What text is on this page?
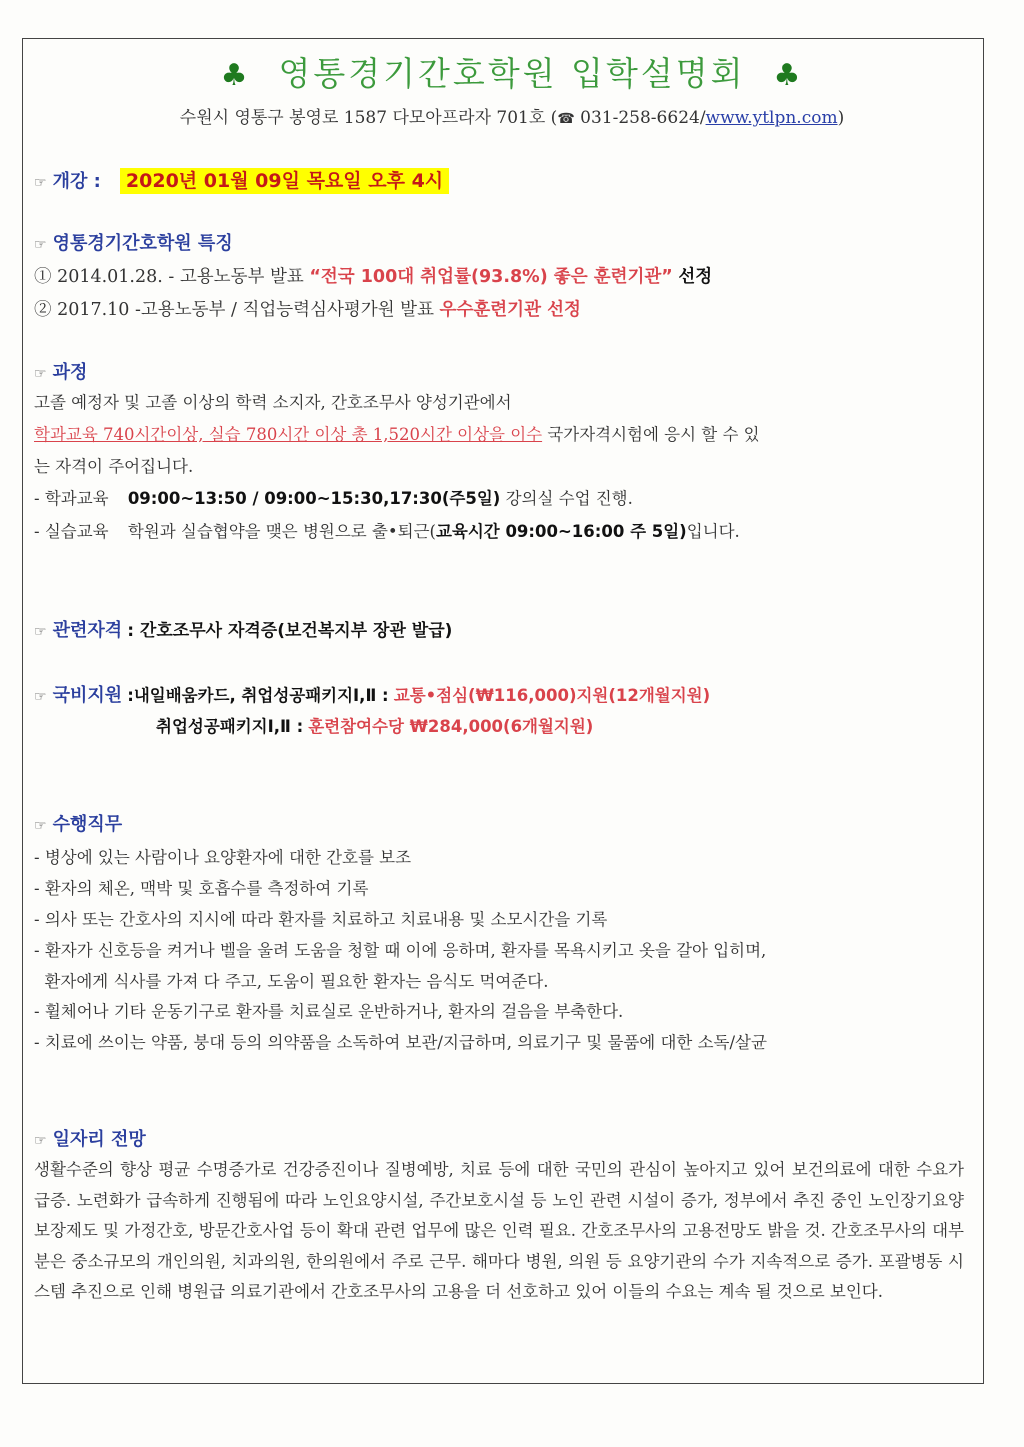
♣ 영통경기간호학원 입학설명회 ♣
수원시 영통구 봉영로 1587 다모아프라자 701호 (☎ 031-258-6624/www.ytlpn.com)
☞ 개강 : 2020년 01월 09일 목요일 오후 4시
☞ 영통경기간호학원 특징
① 2014.01.28. - 고용노동부 발표 “전국 100대 취업률(93.8%) 좋은 훈련기관” 선정
② 2017.10 -고용노동부 / 직업능력심사평가원 발표 우수훈련기관 선정
☞ 과정
고졸 예정자 및 고졸 이상의 학력 소지자, 간호조무사 양성기관에서
학과교육 740시간이상, 실습 780시간 이상 총 1,520시간 이상을 이수 국가자격시험에 응시 할 수 있
는 자격이 주어집니다.
- 학과교육 09:00~13:50 / 09:00~15:30,17:30(주5일) 강의실 수업 진행.
- 실습교육 학원과 실습협약을 맺은 병원으로 출•퇴근(교육시간 09:00~16:00 주 5일)입니다.
☞ 관련자격 : 간호조무사 자격증(보건복지부 장관 발급)
☞ 국비지원 :내일배움카드, 취업성공패키지Ⅰ,Ⅱ : 교통•점심(₩116,000)지원(12개월지원)
취업성공패키지Ⅰ,Ⅱ : 훈련참여수당 ₩284,000(6개월지원)
☞ 수행직무
- 병상에 있는 사람이나 요양환자에 대한 간호를 보조
- 환자의 체온, 맥박 및 호흡수를 측정하여 기록
- 의사 또는 간호사의 지시에 따라 환자를 치료하고 치료내용 및 소모시간을 기록
- 환자가 신호등을 켜거나 벨을 울려 도움을 청할 때 이에 응하며, 환자를 목욕시키고 옷을 갈아 입히며,
환자에게 식사를 가져 다 주고, 도움이 필요한 환자는 음식도 먹여준다.
- 휠체어나 기타 운동기구로 환자를 치료실로 운반하거나, 환자의 걸음을 부축한다.
- 치료에 쓰이는 약품, 붕대 등의 의약품을 소독하여 보관/지급하며, 의료기구 및 물품에 대한 소독/살균
☞ 일자리 전망
생활수준의 향상 평균 수명증가로 건강증진이나 질병예방, 치료 등에 대한 국민의 관심이 높아지고 있어 보건의료에 대한 수요가 급증. 노련화가 급속하게 진행됨에 따라 노인요양시설, 주간보호시설 등 노인 관련 시설이 증가, 정부에서 추진 중인 노인장기요양보장제도 및 가정간호, 방문간호사업 등이 확대 관련 업무에 많은 인력 필요. 간호조무사의 고용전망도 밝을 것. 간호조무사의 대부분은 중소규모의 개인의원, 치과의원, 한의원에서 주로 근무. 해마다 병원, 의원 등 요양기관의 수가 지속적으로 증가. 포괄병동 시스템 추진으로 인해 병원급 의료기관에서 간호조무사의 고용을 더 선호하고 있어 이들의 수요는 계속 될 것으로 보인다.
